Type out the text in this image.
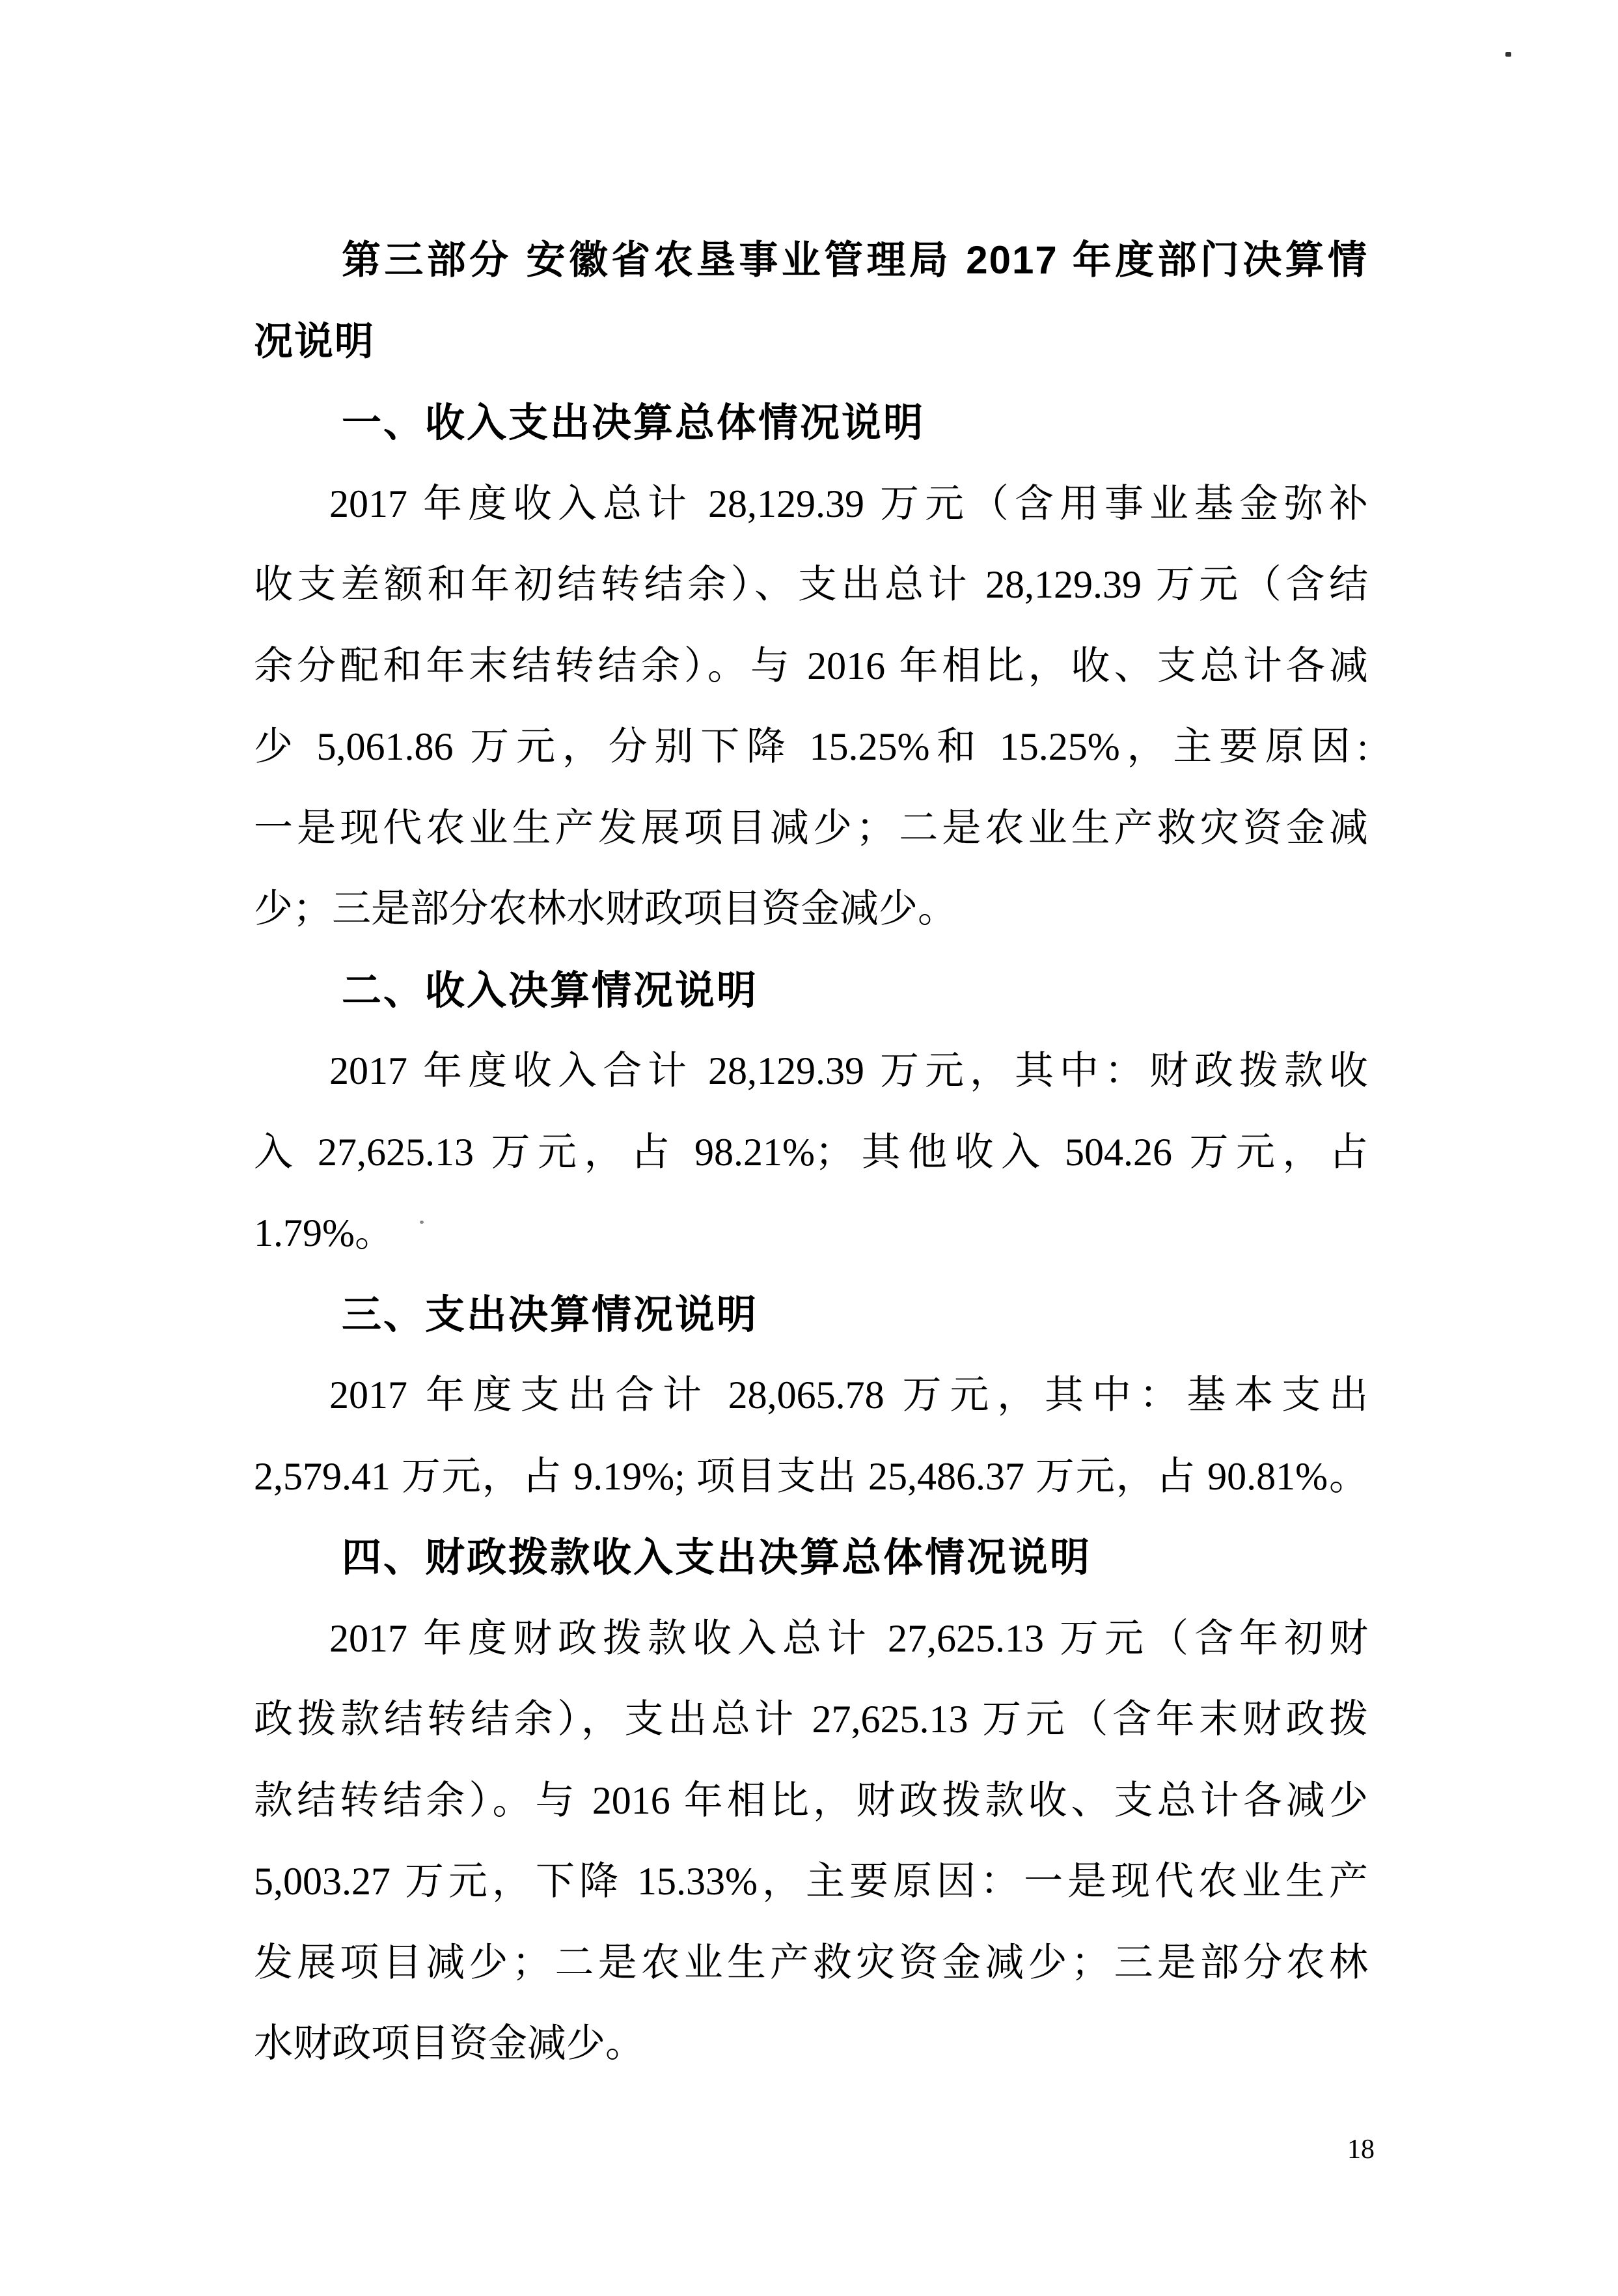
第三部分 安徽省农垦事业管理局 2017 年度部门决算情
况说明
一、收入支出决算总体情况说明
2017 年度收入总计 28,129.39 万元（含用事业基金弥补
收支差额和年初结转结余）、支出总计 28,129.39 万元（含结
余分配和年末结转结余）。与 2016 年相比，收、支总计各减
少 5,061.86 万元，分别下降 15.25%和 15.25%，主要原因:
一是现代农业生产发展项目减少；二是农业生产救灾资金减
少；三是部分农林水财政项目资金减少。
二、收入决算情况说明
2017 年度收入合计 28,129.39 万元，其中：财政拨款收
入 27,625.13 万元，占 98.21%；其他收入 504.26 万元，占
1.79%。
三、支出决算情况说明
2017 年度支出合计 28,065.78 万元，其中：基本支出
2,579.41 万元，占 9.19%; 项目支出 25,486.37 万元，占 90.81%。
四、财政拨款收入支出决算总体情况说明
2017 年度财政拨款收入总计 27,625.13 万元（含年初财
政拨款结转结余），支出总计 27,625.13 万元（含年末财政拨
款结转结余）。与 2016 年相比，财政拨款收、支总计各减少
5,003.27 万元，下降 15.33%，主要原因：一是现代农业生产
发展项目减少；二是农业生产救灾资金减少；三是部分农林
水财政项目资金减少。
18
